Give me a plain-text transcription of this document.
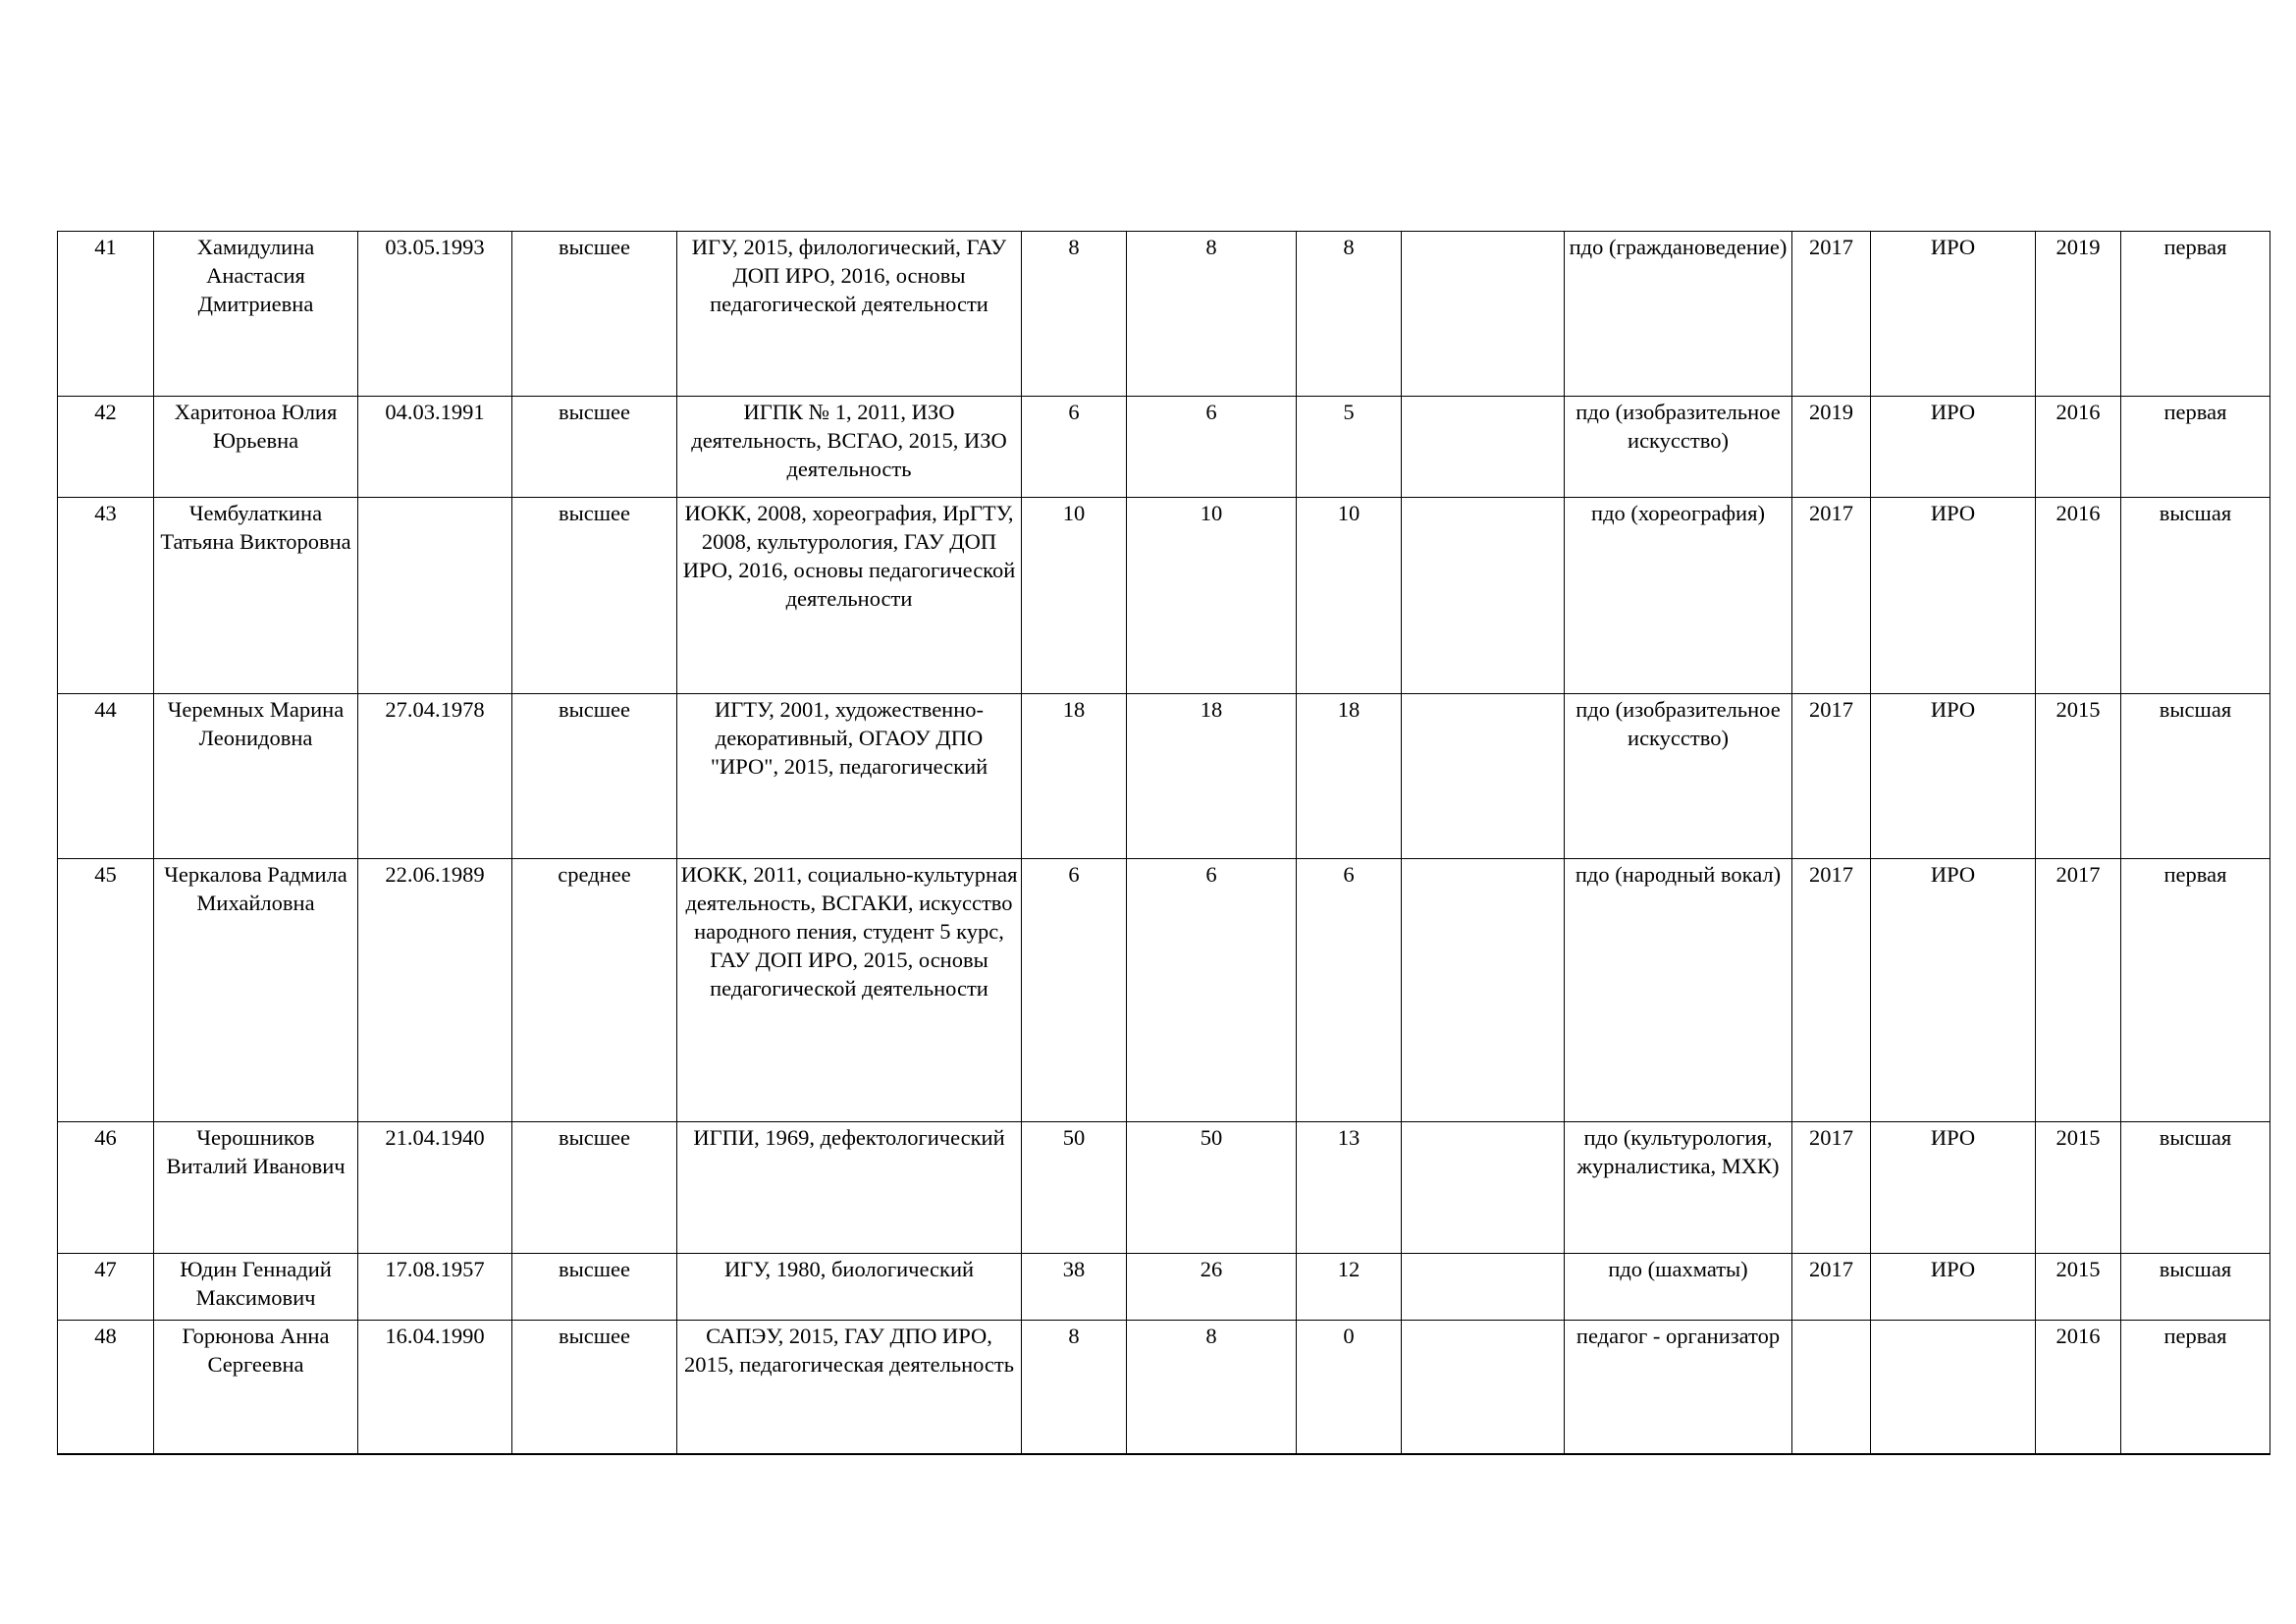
41	Хамидулина Анастасия Дмитриевна	03.05.1993	высшее	ИГУ, 2015, филологический, ГАУ ДОП ИРО, 2016, основы педагогической деятельности	8	8	8		пдо (граждановедение)	2017	ИРО	2019	первая
42	Харитоноа Юлия Юрьевна	04.03.1991	высшее	ИГПК № 1, 2011, ИЗО деятельность, ВСГАО, 2015, ИЗО деятельность	6	6	5		пдо (изобразительное искусство)	2019	ИРО	2016	первая
43	Чембулаткина Татьяна Викторовна		высшее	ИОКК, 2008, хореография, ИрГТУ, 2008, культурология, ГАУ ДОП ИРО, 2016, основы педагогической деятельности	10	10	10		пдо (хореография)	2017	ИРО	2016	высшая
44	Черемных Марина Леонидовна	27.04.1978	высшее	ИГТУ, 2001, художественно-декоративный, ОГАОУ ДПО "ИРО", 2015, педагогический	18	18	18		пдо (изобразительное искусство)	2017	ИРО	2015	высшая
45	Черкалова Радмила Михайловна	22.06.1989	среднее	ИОКК, 2011, социально-культурная деятельность, ВСГАКИ, искусство народного пения, студент 5 курс, ГАУ ДОП ИРО, 2015, основы педагогической деятельности	6	6	6		пдо (народный вокал)	2017	ИРО	2017	первая
46	Черошников Виталий Иванович	21.04.1940	высшее	ИГПИ, 1969, дефектологический	50	50	13		пдо (культурология, журналистика, МХК)	2017	ИРО	2015	высшая
47	Юдин Геннадий Максимович	17.08.1957	высшее	ИГУ, 1980, биологический	38	26	12		пдо (шахматы)	2017	ИРО	2015	высшая
48	Горюнова Анна Сергеевна	16.04.1990	высшее	САПЭУ, 2015, ГАУ ДПО ИРО, 2015, педагогическая деятельность	8	8	0		педагог - организатор			2016	первая
